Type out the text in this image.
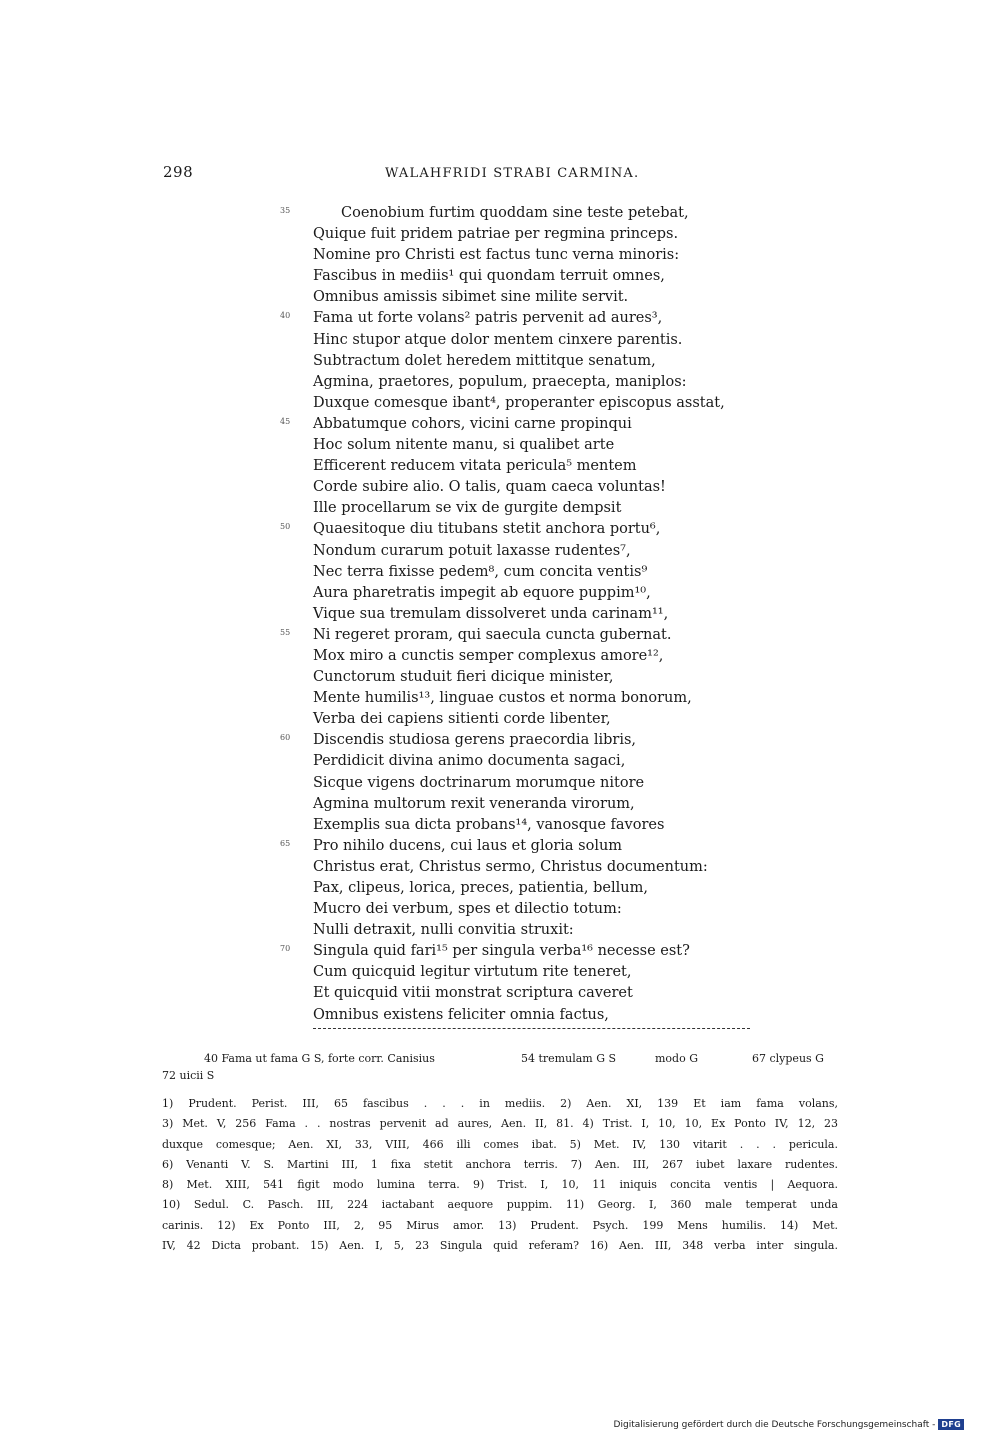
298	WALAHFRIDI STRABI CARMINA.
35	Coenobium furtim quoddam sine teste petebat,
Quique fuit pridem patriae per regmina princeps.
Nomine pro Christi est factus tunc verna minoris:
Fascibus in mediis¹ qui quondam terruit omnes,
Omnibus amissis sibimet sine milite servit.
40 Fama ut forte volans² patris pervenit ad aures³,
Hinc stupor atque dolor mentem cinxere parentis.
Subtractum dolet heredem mittitque senatum,
Agmina, praetores, populum, praecepta, maniplos:
Duxque comesque ibant⁴, properanter episcopus asstat,
45 Abbatumque cohors, vicini carne propinqui
Hoc solum nitente manu, si qualibet arte
Efficerent reducem vitata pericula⁵ mentem
Corde subire alio. O talis, quam caeca voluntas!
Ille procellarum se vix de gurgite dempsit
50 Quaesitoque diu titubans stetit anchora portu⁶,
Nondum curarum potuit laxasse rudentes⁷,
Nec terra fixisse pedem⁸, cum concita ventis⁹
Aura pharetratis impegit ab equore puppim¹⁰,
Vique sua tremulam dissolveret unda carinam¹¹,
55 Ni regeret proram, qui saecula cuncta gubernat.
Mox miro a cunctis semper complexus amore¹²,
Cunctorum studuit fieri dicique minister,
Mente humilis¹³, linguae custos et norma bonorum,
Verba dei capiens sitienti corde libenter,
60 Discendis studiosa gerens praecordia libris,
Perdidicit divina animo documenta sagaci,
Sicque vigens doctrinarum morumque nitore
Agmina multorum rexit veneranda virorum,
Exemplis sua dicta probans¹⁴, vanosque favores
65 Pro nihilo ducens, cui laus et gloria solum
Christus erat, Christus sermo, Christus documentum:
Pax, clipeus, lorica, preces, patientia, bellum,
Mucro dei verbum, spes et dilectio totum:
Nulli detraxit, nulli convitia struxit:
70 Singula quid fari¹⁵ per singula verba¹⁶ necesse est?
Cum quicquid legitur virtutum rite teneret,
Et quicquid vitii monstrat scriptura caveret
Omnibus existens feliciter omnia factus,
40 Fama ut fama G S, forte corr. Canisius	54 tremulam G S	modo G	67 clypeus G
72 uicii S
1) Prudent. Perist. III, 65 fascibus . . . in mediis. 2) Aen. XI, 139 Et iam fama volans,
3) Met. V, 256 Fama . . nostras pervenit ad aures, Aen. II, 81. 4) Trist. I, 10, 10, Ex Ponto IV, 12, 23
duxque comesque; Aen. XI, 33, VIII, 466 illi comes ibat. 5) Met. IV, 130 vitarit . . . pericula.
6) Venanti V. S. Martini III, 1 fixa stetit anchora terris. 7) Aen. III, 267 iubet laxare rudentes.
8) Met. XIII, 541 figit modo lumina terra. 9) Trist. I, 10, 11 iniquis concita ventis | Aequora.
10) Sedul. C. Pasch. III, 224 iactabant aequore puppim. 11) Georg. I, 360 male temperat unda
carinis. 12) Ex Ponto III, 2, 95 Mirus amor. 13) Prudent. Psych. 199 Mens humilis. 14) Met.
IV, 42 Dicta probant. 15) Aen. I, 5, 23 Singula quid referam? 16) Aen. III, 348 verba inter singula.
Digitalisierung gefördert durch die Deutsche Forschungsgemeinschaft - DFG
